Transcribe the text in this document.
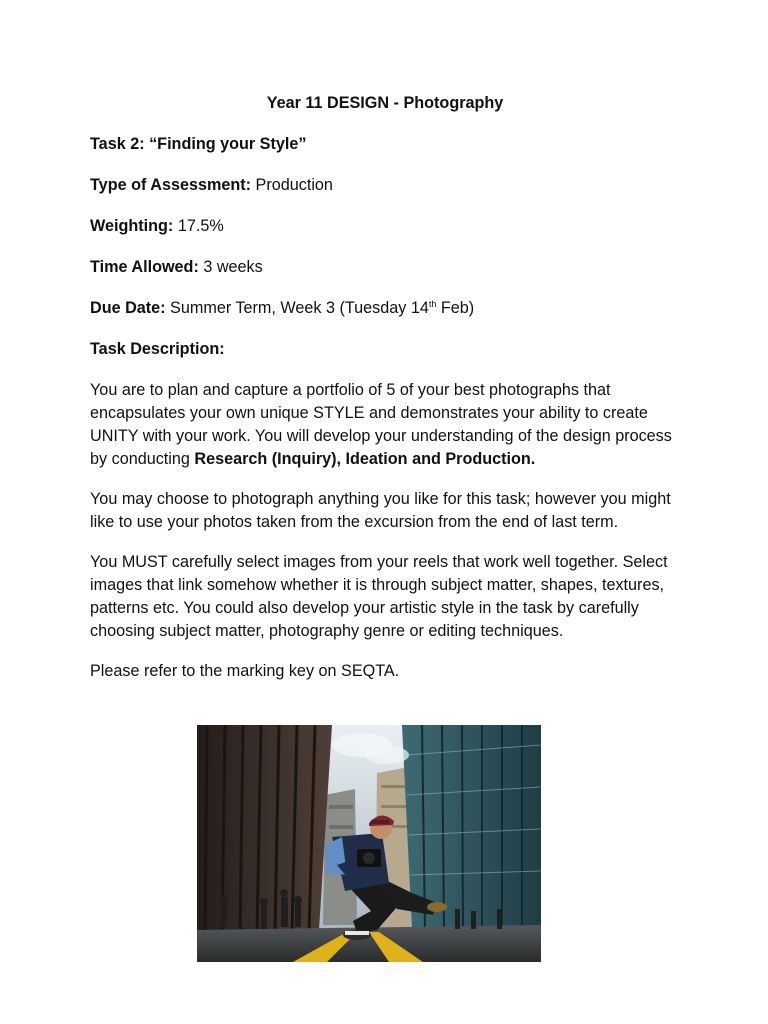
Year 11 DESIGN - Photography
Task 2: “Finding your Style”
Type of Assessment: Production
Weighting: 17.5%
Time Allowed: 3 weeks
Due Date: Summer Term, Week 3 (Tuesday 14th Feb)
Task Description:

You are to plan and capture a portfolio of 5 of your best photographs that encapsulates your own unique STYLE and demonstrates your ability to create UNITY with your work. You will develop your understanding of the design process by conducting Research (Inquiry), Ideation and Production.

You may choose to photograph anything you like for this task; however you might like to use your photos taken from the excursion from the end of last term.

You MUST carefully select images from your reels that work well together. Select images that link somehow whether it is through subject matter, shapes, textures, patterns etc. You could also develop your artistic style in the task by carefully choosing subject matter, photography genre or editing techniques.

Please refer to the marking key on SEQTA.
